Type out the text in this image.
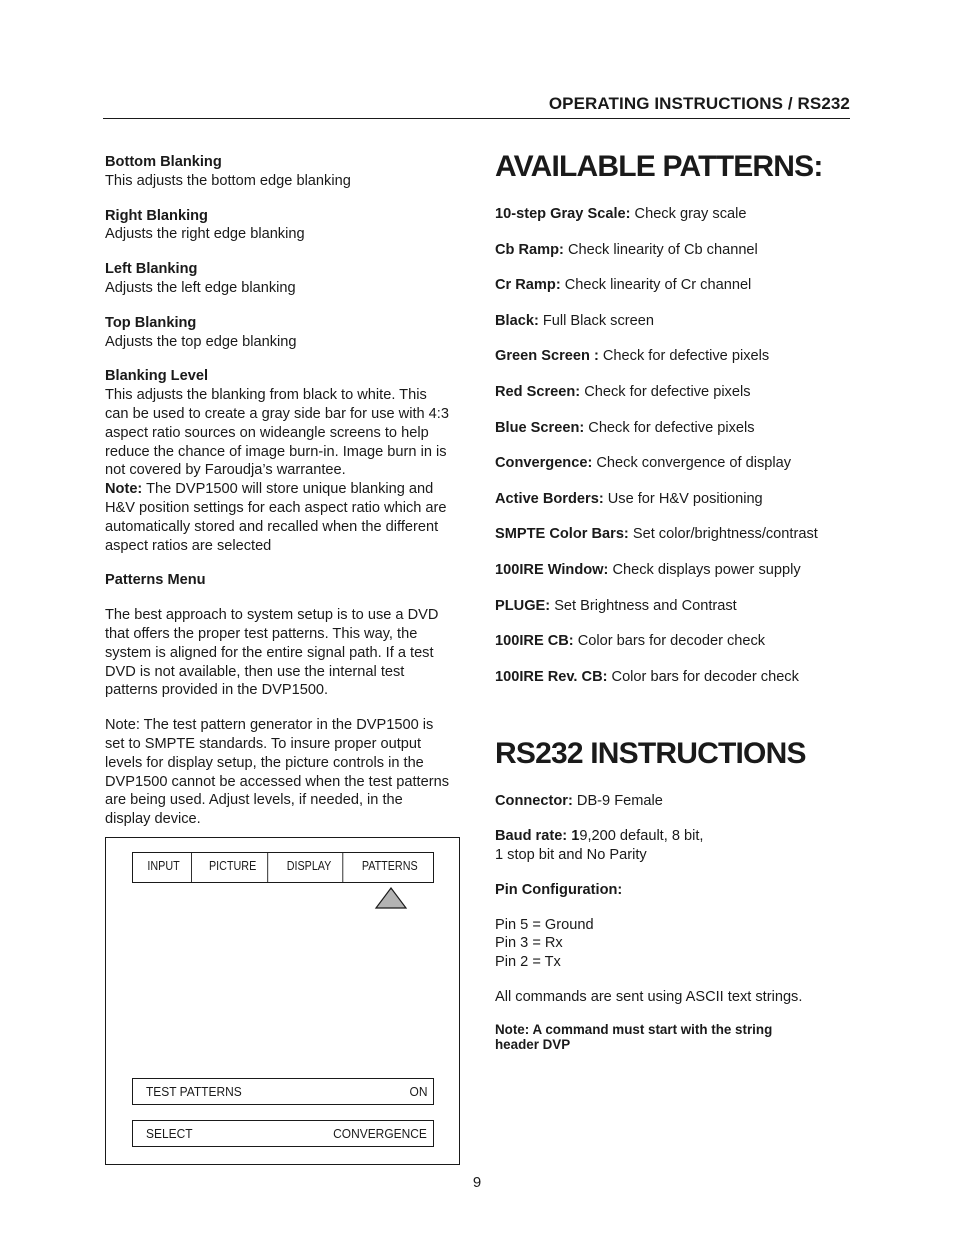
OPERATING INSTRUCTIONS / RS232

Bottom Blanking

This adjusts the bottom edge blanking

Right Blanking

Adjusts the right edge blanking

Left Blanking

Adjusts the left edge blanking

Top Blanking

Adjusts the top edge blanking

Blanking Level

This adjusts the blanking from black to white. This

can be used to create a gray side bar for use with 4:3

aspect ratio sources on wideangle screens to help

reduce the chance of image burn-in. Image burn in is

not covered by Faroudja’s warrantee.

Note: The DVP1500 will store unique blanking and

H&V position settings for each aspect ratio which are

automatically stored and recalled when the different

aspect ratios are selected

Patterns Menu

The best approach to system setup is to use a DVD

that offers the proper test patterns. This way, the

system is aligned for the entire signal path. If a test

DVD is not available, then use the internal test

patterns provided in the DVP1500.

Note: The test pattern generator in the DVP1500 is

set to SMPTE standards. To insure proper output

levels for display setup, the picture controls in the

DVP1500 cannot be accessed when the test patterns

are being used. Adjust levels, if needed, in the

display device.

INPUT PICTURE DISPLAY PATTERNS
TEST PATTERNS	ON
SELECT	CONVERGENCE
AVAILABLE PATTERNS:

10-step Gray Scale: Check gray scale

Cb Ramp: Check linearity of Cb channel

Cr Ramp: Check linearity of Cr channel

Black: Full Black screen

Green Screen : Check for defective pixels

Red Screen: Check for defective pixels

Blue Screen: Check for defective pixels

Convergence: Check convergence of display

Active Borders: Use for H&V positioning

SMPTE Color Bars: Set color/brightness/contrast

100IRE Window: Check displays power supply

PLUGE: Set Brightness and Contrast

100IRE CB: Color bars for decoder check

100IRE Rev. CB: Color bars for decoder check

RS232 INSTRUCTIONS

Connector: DB-9 Female

Baud rate: 19,200 default, 8 bit,

1 stop bit and No Parity

Pin Configuration:

Pin 5 = Ground

Pin 3 = Rx

Pin 2 = Tx

All commands are sent using ASCII text strings.

Note: A command must start with the string

header DVP

9
